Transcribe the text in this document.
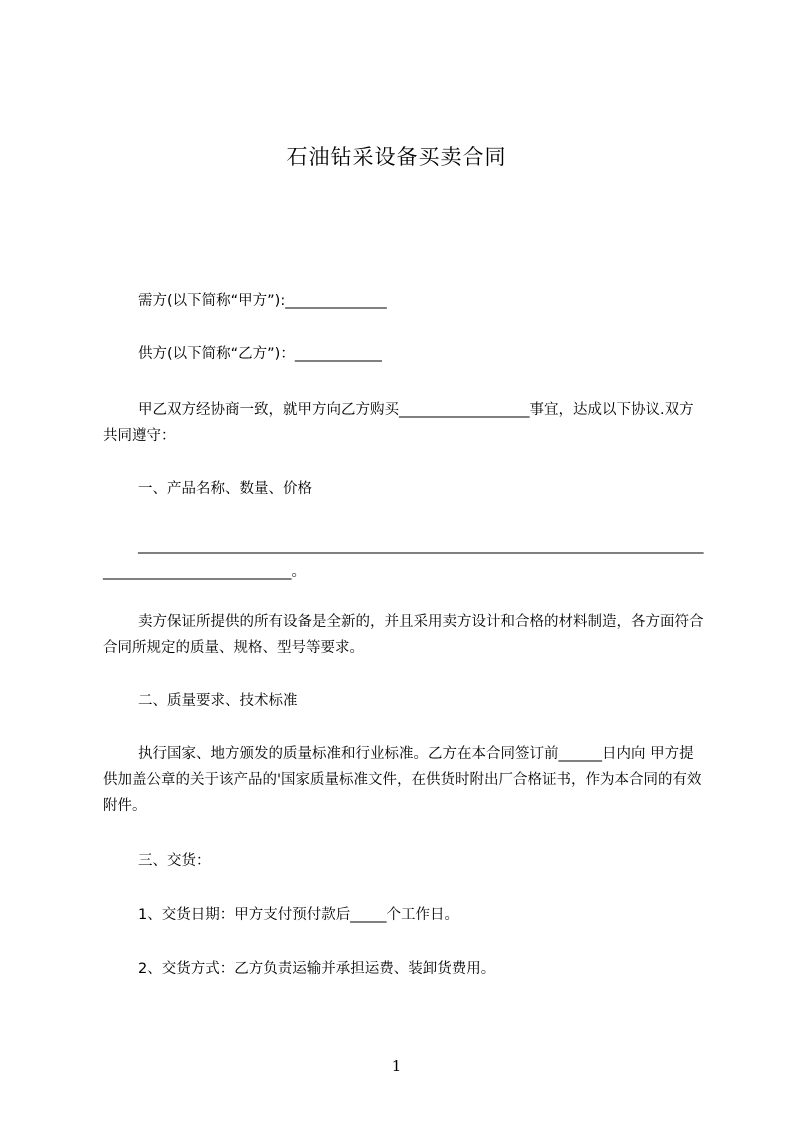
石油钻采设备买卖合同
需方(以下简称“甲方”):______________
供方(以下简称“乙方”)：____________
甲乙双方经协商一致，就甲方向乙方购买__________________事宜，达成以下协议.双方共同遵守：
一、产品名称、数量、价格
________________________________________________________________________________________________________。
卖方保证所提供的所有设备是全新的，并且采用卖方设计和合格的材料制造，各方面符合合同所规定的质量、规格、型号等要求。
二、质量要求、技术标准
执行国家、地方颁发的质量标准和行业标准。乙方在本合同签订前______日内向 甲方提供加盖公章的关于该产品的'国家质量标准文件，在供货时附出厂合格证书，作为本合同的有效附件。
三、交货：
1、交货日期：甲方支付预付款后_____个工作日。
2、交货方式：乙方负责运输并承担运费、装卸货费用。
1
